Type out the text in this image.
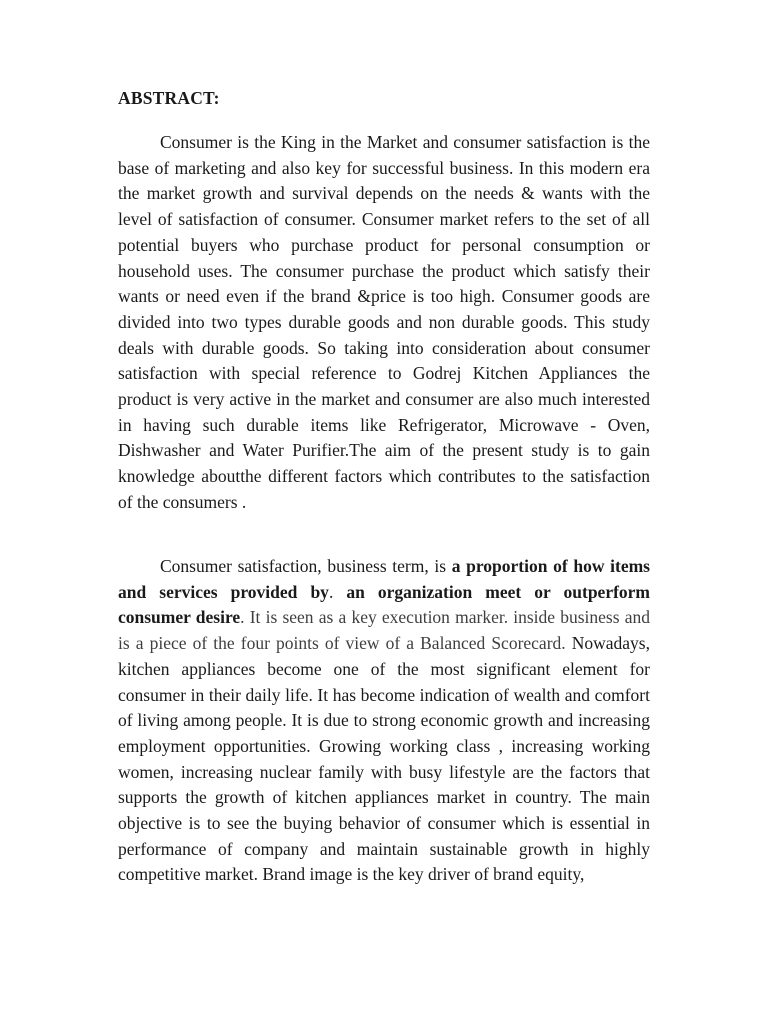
ABSTRACT:

Consumer is the King in the Market and consumer satisfaction is the base of marketing and also key for successful business. In this modern era the market growth and survival depends on the needs & wants with the level of satisfaction of consumer. Consumer market refers to the set of all potential buyers who purchase product for personal consumption or household uses. The consumer purchase the product which satisfy their wants or need even if the brand &price is too high. Consumer goods are divided into two types durable goods and non durable goods. This study deals with durable goods. So taking into consideration about consumer satisfaction with special reference to Godrej Kitchen Appliances the product is very active in the market and consumer are also much interested in having such durable items like Refrigerator, Microwave - Oven, Dishwasher and Water Purifier.The aim of the present study is to gain knowledge aboutthe different factors which contributes to the satisfaction of the consumers .

Consumer satisfaction, business term, is a proportion of how items and services provided by. an organization meet or outperform consumer desire. It is seen as a key execution marker. inside business and is a piece of the four points of view of a Balanced Scorecard. Nowadays, kitchen appliances become one of the most significant element for consumer in their daily life. It has become indication of wealth and comfort of living among people. It is due to strong economic growth and increasing employment opportunities. Growing working class , increasing working women, increasing nuclear family with busy lifestyle are the factors that supports the growth of kitchen appliances market in country. The main objective is to see the buying behavior of consumer which is essential in performance of company and maintain sustainable growth in highly competitive market. Brand image is the key driver of brand equity,
